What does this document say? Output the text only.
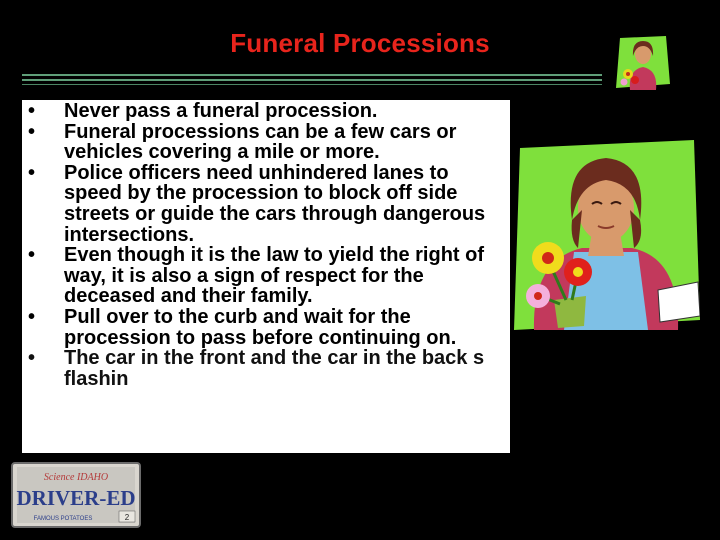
Funeral Processions
• Never pass a funeral procession.
• Funeral processions can be a few cars or vehicles covering a mile or more.
• Police officers need unhindered lanes to speed by the procession to block off side streets or guide the cars through dangerous intersections.
• Even though it is the law to yield the right of way, it is also a sign of respect for the deceased and their family.
• Pull over to the curb and wait for the procession to pass before continuing on.
• The car in the front and the car in the back s flashin
Science IDAHO
DRIVER-ED
FAMOUS POTATOES	2
